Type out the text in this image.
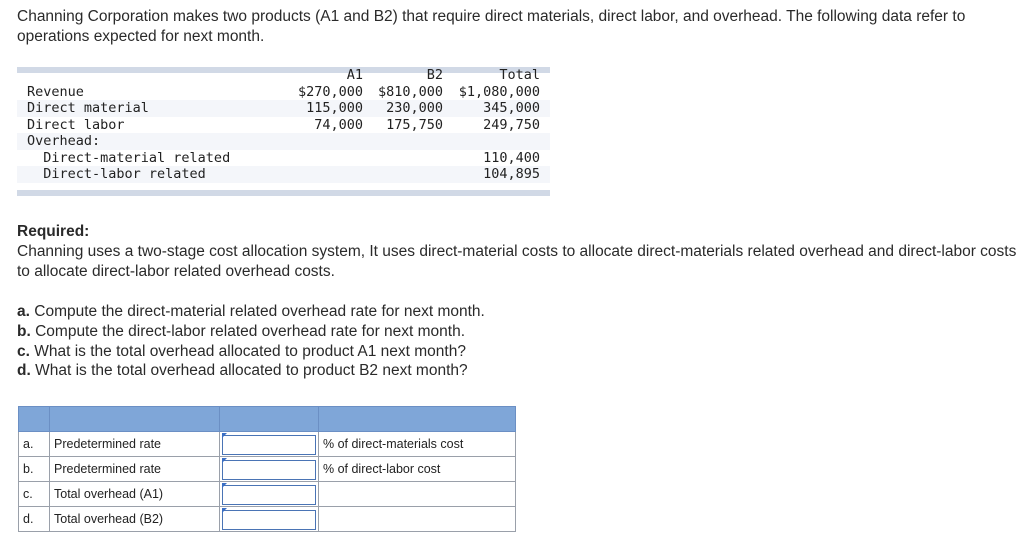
Channing Corporation makes two products (A1 and B2) that require direct materials, direct labor, and overhead. The following data refer to operations expected for next month.
A1	B2	Total
Revenue	$270,000 $810,000 $1,080,000
Direct material	115,000 230,000	345,000
Direct labor	74,000 175,750	249,750
Overhead:
Direct-material related	110,400
Direct-labor related	104,895
Required:
Channing uses a two-stage cost allocation system, It uses direct-material costs to allocate direct-materials related overhead and direct-labor costs to allocate direct-labor related overhead costs.
a. Compute the direct-material related overhead rate for next month.
b. Compute the direct-labor related overhead rate for next month.
c. What is the total overhead allocated to product A1 next month?
d. What is the total overhead allocated to product B2 next month?

a.	Predetermined rate		% of direct-materials cost
b.	Predetermined rate		% of direct-labor cost
c.	Total overhead (A1)	

d.	Total overhead (B2)	
